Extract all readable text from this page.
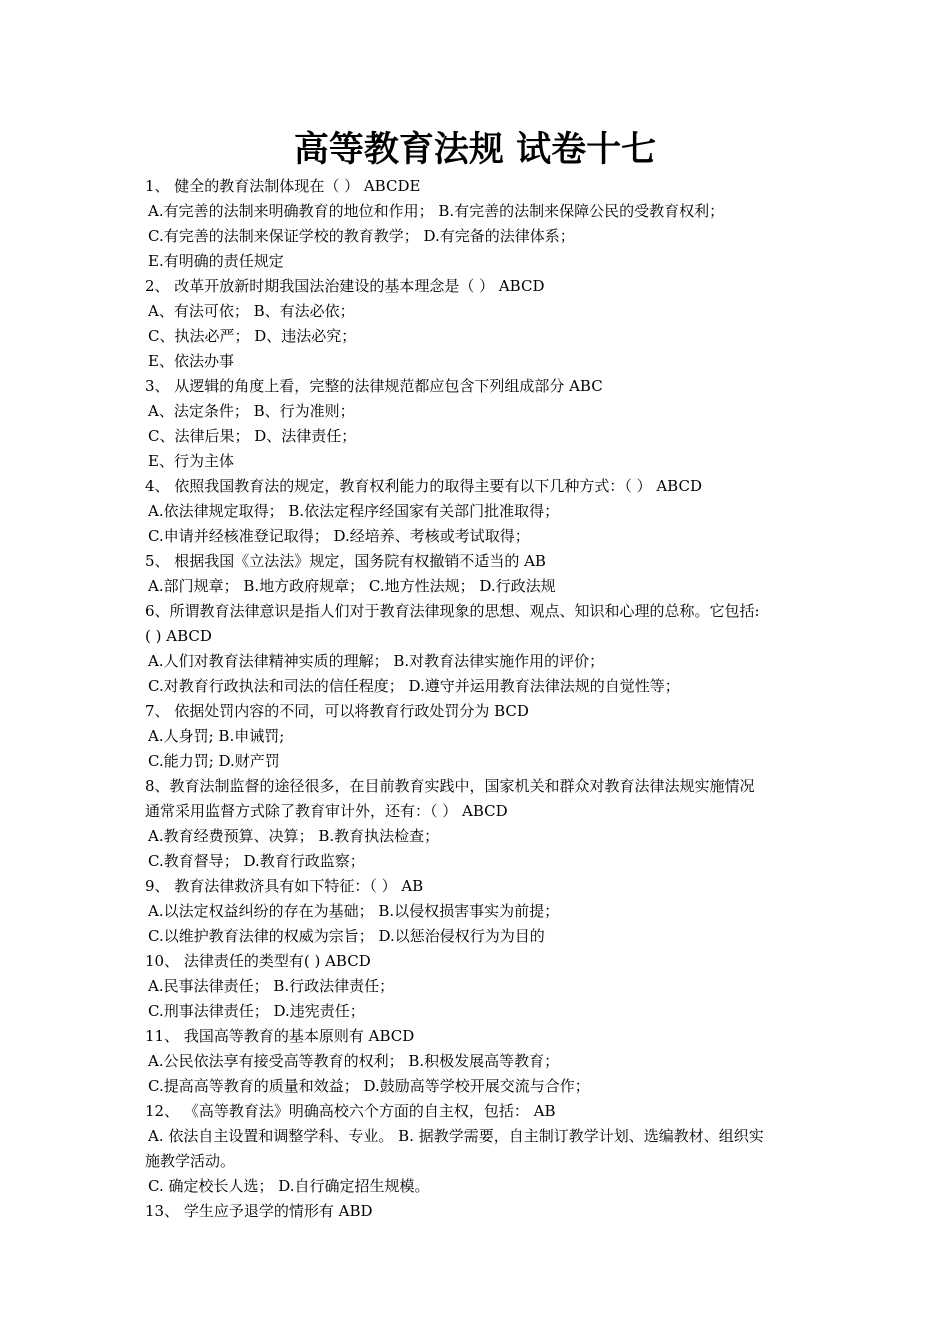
高等教育法规 试卷十七
1、 健全的教育法制体现在（ ） ABCDE
A.有完善的法制来明确教育的地位和作用； B.有完善的法制来保障公民的受教育权利；
C.有完善的法制来保证学校的教育教学； D.有完备的法律体系；
E.有明确的责任规定
2、 改革开放新时期我国法治建设的基本理念是（ ） ABCD
A、有法可依； B、有法必依；
C、执法必严； D、违法必究；
E、依法办事
3、 从逻辑的角度上看，完整的法律规范都应包含下列组成部分 ABC
A、法定条件； B、行为准则；
C、法律后果； D、法律责任；
E、行为主体
4、 依照我国教育法的规定，教育权利能力的取得主要有以下几种方式：（ ） ABCD
A.依法律规定取得； B.依法定程序经国家有关部门批准取得；
C.申请并经核准登记取得； D.经培养、考核或考试取得；
5、 根据我国《立法法》规定，国务院有权撤销不适当的 AB
A.部门规章； B.地方政府规章； C.地方性法规； D.行政法规
6、所谓教育法律意识是指人们对于教育法律现象的思想、观点、知识和心理的总称。它包括:
( ) ABCD
A.人们对教育法律精神实质的理解； B.对教育法律实施作用的评价；
C.对教育行政执法和司法的信任程度； D.遵守并运用教育法律法规的自觉性等；
7、 依据处罚内容的不同，可以将教育行政处罚分为 BCD
A.人身罚; B.申诫罚;
C.能力罚; D.财产罚
8、教育法制监督的途径很多，在目前教育实践中，国家机关和群众对教育法律法规实施情况
通常采用监督方式除了教育审计外，还有：（ ） ABCD
A.教育经费预算、决算； B.教育执法检查；
C.教育督导； D.教育行政监察；
9、 教育法律救济具有如下特征：（ ） AB
A.以法定权益纠纷的存在为基础； B.以侵权损害事实为前提；
C.以维护教育法律的权威为宗旨； D.以惩治侵权行为为目的
10、 法律责任的类型有( ) ABCD
A.民事法律责任； B.行政法律责任；
C.刑事法律责任； D.违宪责任；
11、 我国高等教育的基本原则有 ABCD
A.公民依法享有接受高等教育的权利； B.积极发展高等教育；
C.提高高等教育的质量和效益； D.鼓励高等学校开展交流与合作；
12、 《高等教育法》明确高校六个方面的自主权，包括： AB
A. 依法自主设置和调整学科、专业。 B. 据教学需要，自主制订教学计划、选编教材、组织实
施教学活动。
C. 确定校长人选； D.自行确定招生规模。
13、 学生应予退学的情形有 ABD
